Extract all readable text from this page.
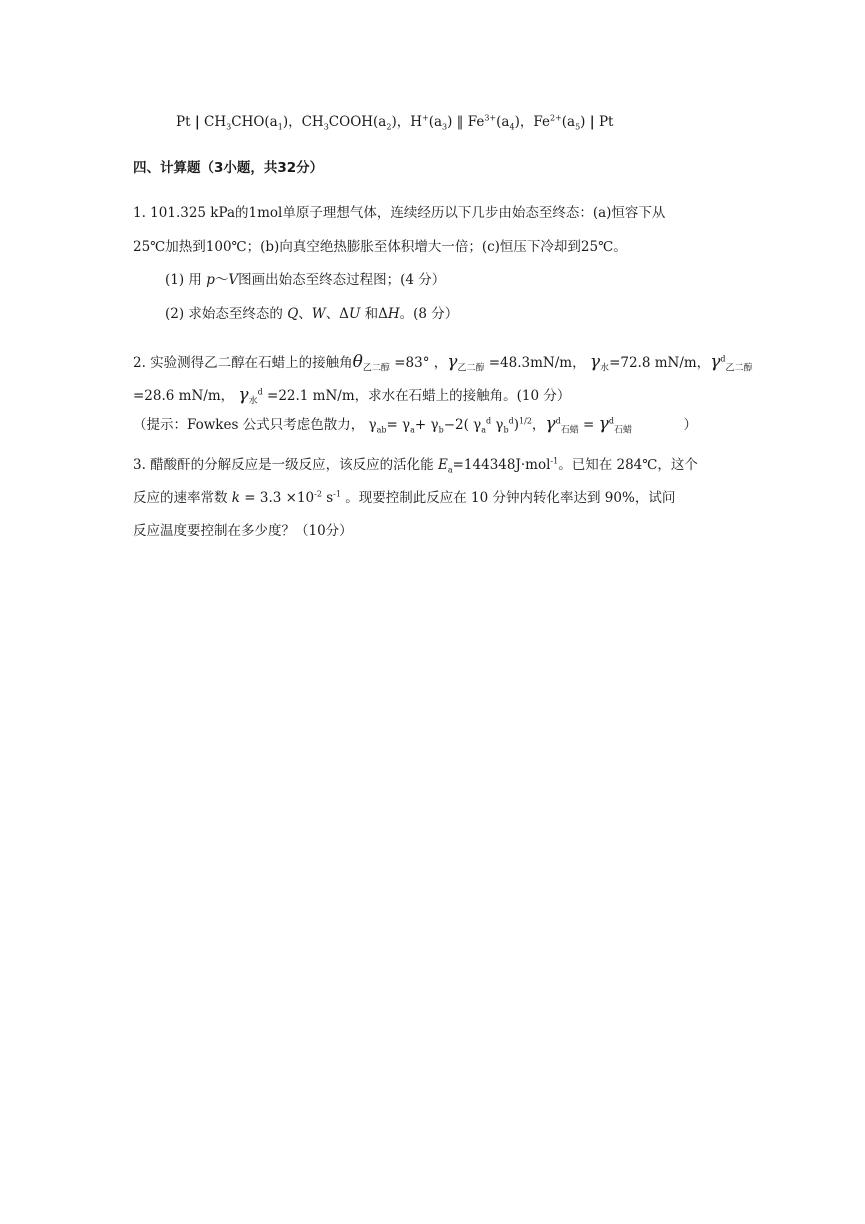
Pt | $CH_3CHO(a_1)$，$CH_3COOH(a_2)$，$H^+(a_3)$ ‖ $Fe^{3+}(a_4)$，$Fe^{2+}(a_5)$ | Pt
四、计算题（3小题，共32分）
1. 101.325 kPa的1mol单原子理想气体，连续经历以下几步由始态至终态：(a)恒容下从
25℃加热到100℃；(b)向真空绝热膨胀至体积增大一倍；(c)恒压下冷却到25℃。
(1) 用 p～V图画出始态至终态过程图；(4 分）
(2) 求始态至终态的 Q、W、ΔU 和ΔH。(8 分）
2. 实验测得乙二醇在石蜡上的接触角$\theta_{乙二醇} =83^\circ$ ，$\gamma_{乙二醇} =48.3mN/m$， $\gamma_水=72.8$ mN/m，$\gamma^d_{乙二醇}$
=28.6 mN/m， $\gamma_水^d =22.1$ mN/m，求水在石蜡上的接触角。(10 分）
（提示：Fowkes 公式只考虑色散力， $\gamma_{ab}= \gamma_a+ \gamma_b-2$( $\gamma_a^d$ $\gamma_b^d)^{1/2}$，$\gamma^d_{石蜡} = \gamma^d_{石蜡}$            ）
3. 醋酸酐的分解反应是一级反应，该反应的活化能 $E_a=144348J\cdot mol^{-1}$。已知在 284℃，这个
反应的速率常数 $k = 3.3 \times 10^{-2}$ $s^{-1}$ 。现要控制此反应在 10 分钟内转化率达到 90%，试问
反应温度要控制在多少度？（10分）
